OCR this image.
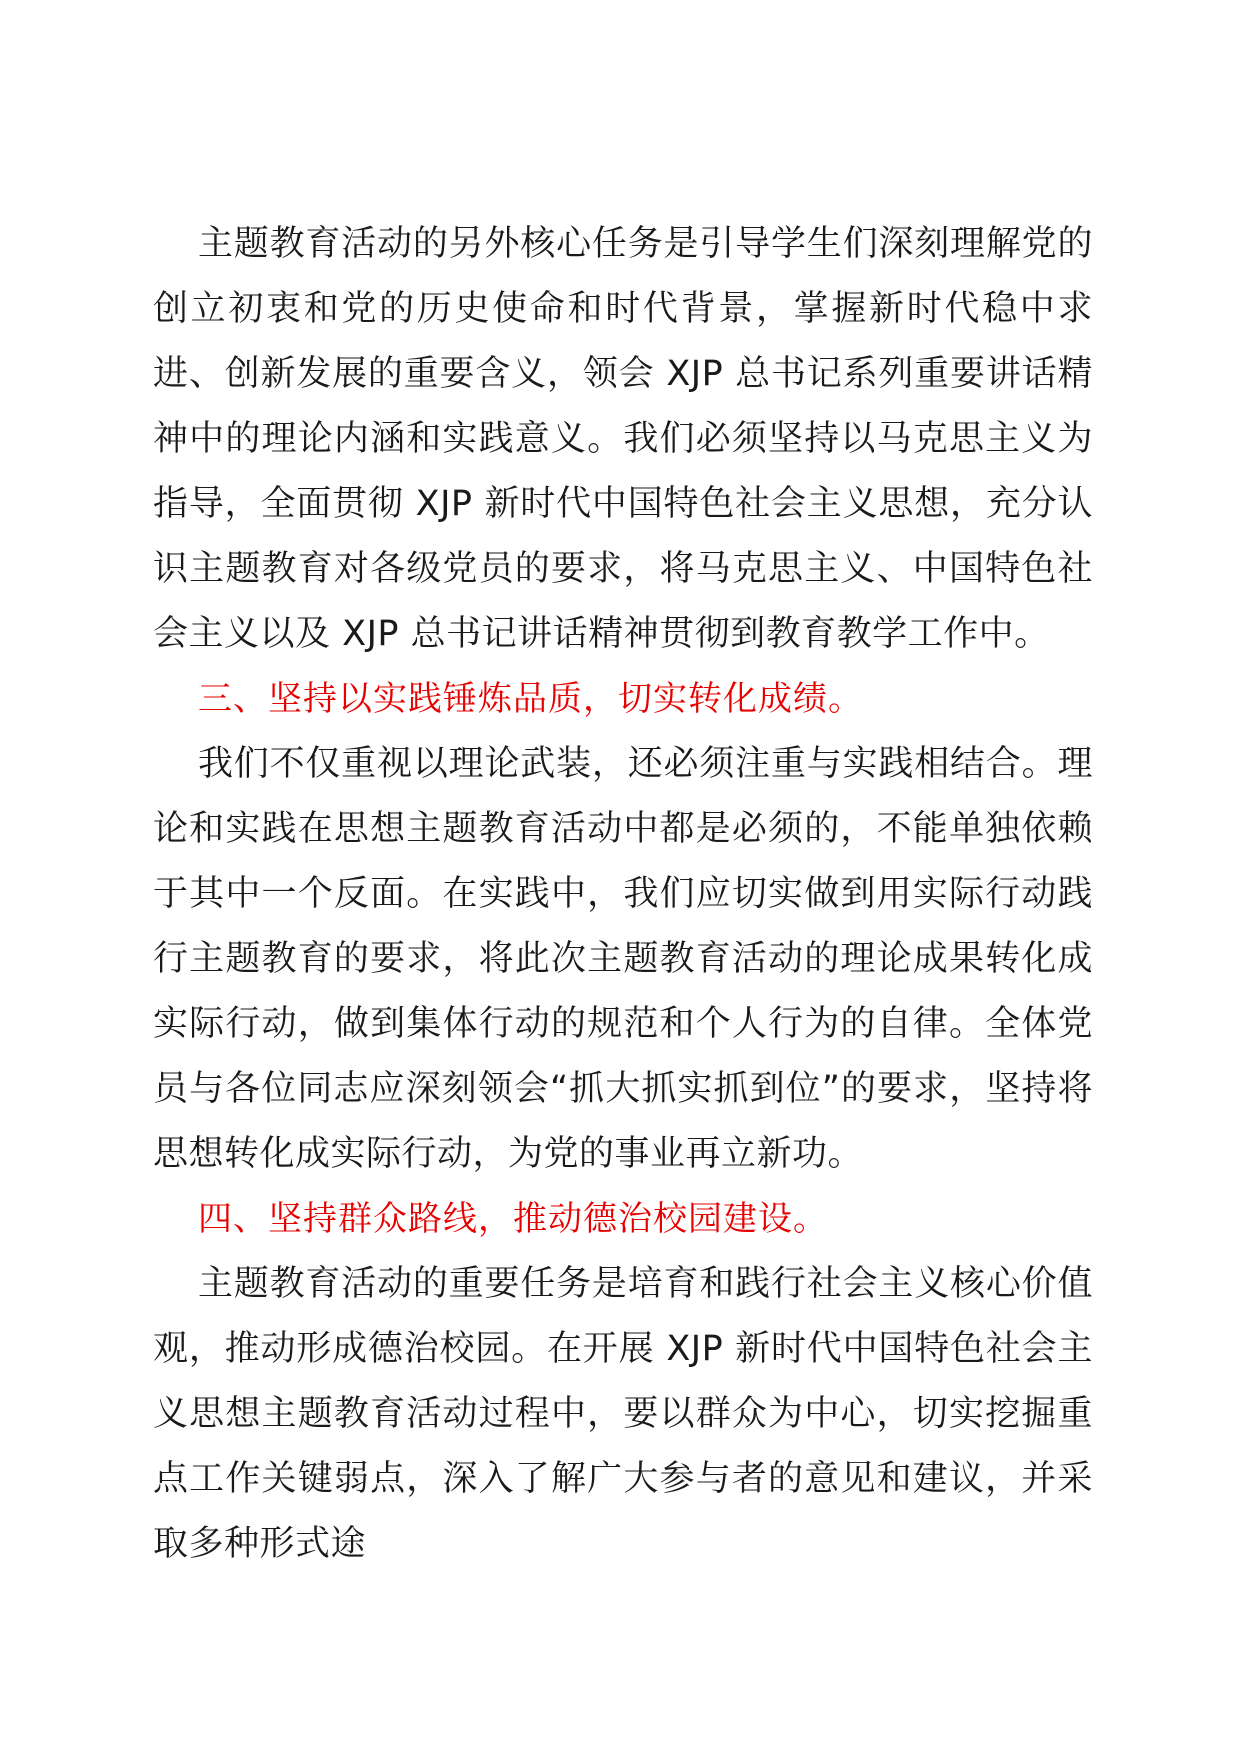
主题教育活动的另外核心任务是引导学生们深刻理解党的创立初衷和党的历史使命和时代背景，掌握新时代稳中求进、创新发展的重要含义，领会 XJP 总书记系列重要讲话精神中的理论内涵和实践意义。我们必须坚持以马克思主义为指导，全面贯彻 XJP 新时代中国特色社会主义思想，充分认识主题教育对各级党员的要求，将马克思主义、中国特色社会主义以及 XJP 总书记讲话精神贯彻到教育教学工作中。

三、坚持以实践锤炼品质，切实转化成绩。

我们不仅重视以理论武装，还必须注重与实践相结合。理论和实践在思想主题教育活动中都是必须的，不能单独依赖于其中一个反面。在实践中，我们应切实做到用实际行动践行主题教育的要求，将此次主题教育活动的理论成果转化成实际行动，做到集体行动的规范和个人行为的自律。全体党员与各位同志应深刻领会“抓大抓实抓到位”的要求，坚持将思想转化成实际行动，为党的事业再立新功。

四、坚持群众路线，推动德治校园建设。

主题教育活动的重要任务是培育和践行社会主义核心价值观，推动形成德治校园。在开展 XJP 新时代中国特色社会主义思想主题教育活动过程中，要以群众为中心，切实挖掘重点工作关键弱点，深入了解广大参与者的意见和建议，并采取多种形式途
